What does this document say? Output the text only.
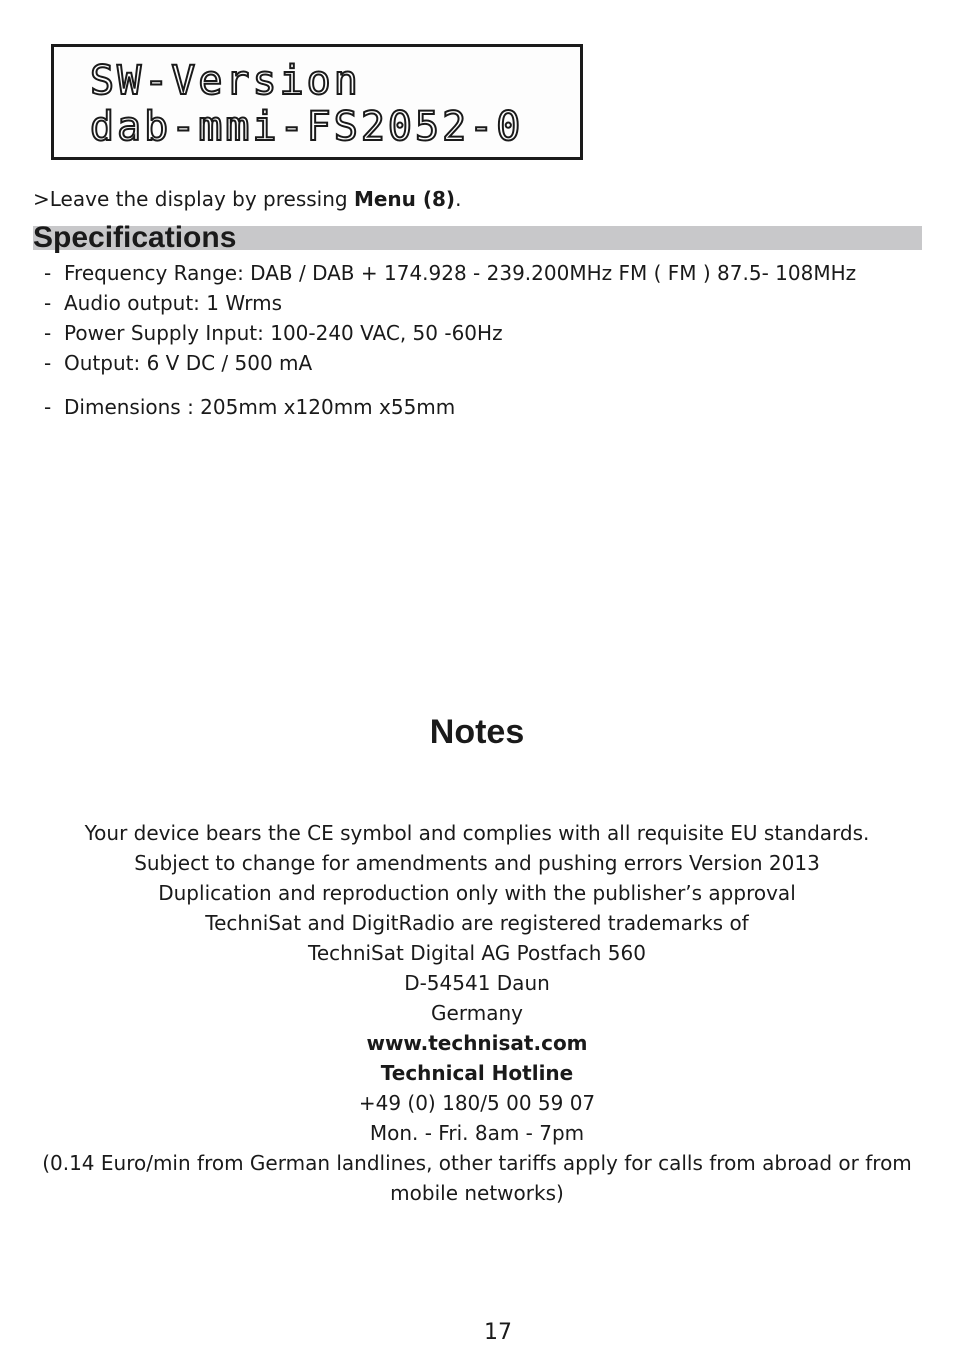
SW-Version
dab-mmi-FS2052-0
>Leave the display by pressing Menu (8).
Specifications
- Frequency Range: DAB / DAB + 174.928 - 239.200MHz FM ( FM ) 87.5- 108MHz
- Audio output: 1 Wrms
- Power Supply Input: 100-240 VAC, 50 -60Hz
- Output: 6 V DC / 500 mA
- Dimensions : 205mm x120mm x55mm
Notes
Your device bears the CE symbol and complies with all requisite EU standards.
Subject to change for amendments and pushing errors Version 2013
Duplication and reproduction only with the publisher’s approval
TechniSat and DigitRadio are registered trademarks of
TechniSat Digital AG Postfach 560
D-54541 Daun
Germany
www.technisat.com
Technical Hotline
+49 (0) 180/5 00 59 07
Mon. - Fri. 8am - 7pm
(0.14 Euro/min from German landlines, other tariffs apply for calls from abroad or from mobile networks)
17
